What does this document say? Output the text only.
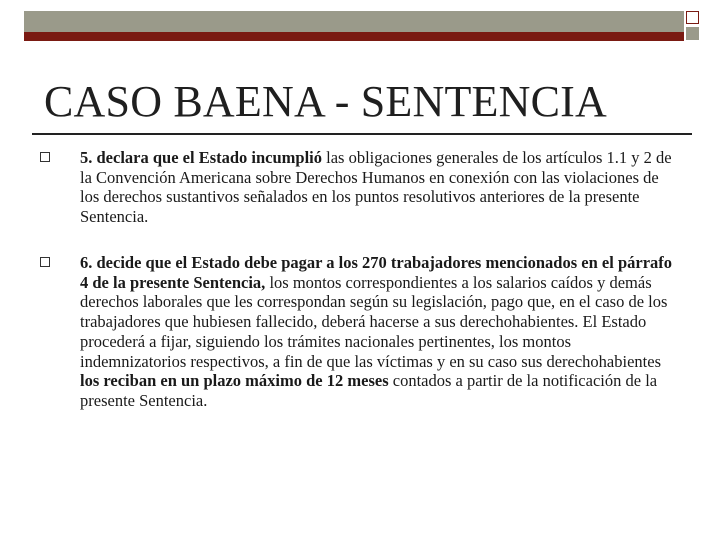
CASO BAENA - SENTENCIA
5. declara que el Estado incumplió las obligaciones generales de los artículos 1.1 y 2 de la Convención Americana sobre Derechos Humanos en conexión con las violaciones de los derechos sustantivos señalados en los puntos resolutivos anteriores de la presente Sentencia.
6. decide que el Estado debe pagar a los 270 trabajadores mencionados en el párrafo 4 de la presente Sentencia, los montos correspondientes a los salarios caídos y demás derechos laborales que les correspondan según su legislación, pago que, en el caso de los trabajadores que hubiesen fallecido, deberá hacerse a sus derechohabientes. El Estado procederá a fijar, siguiendo los trámites nacionales pertinentes, los montos indemnizatorios respectivos, a fin de que las víctimas y en su caso sus derechohabientes los reciban en un plazo máximo de 12 meses contados a partir de la notificación de la presente Sentencia.
